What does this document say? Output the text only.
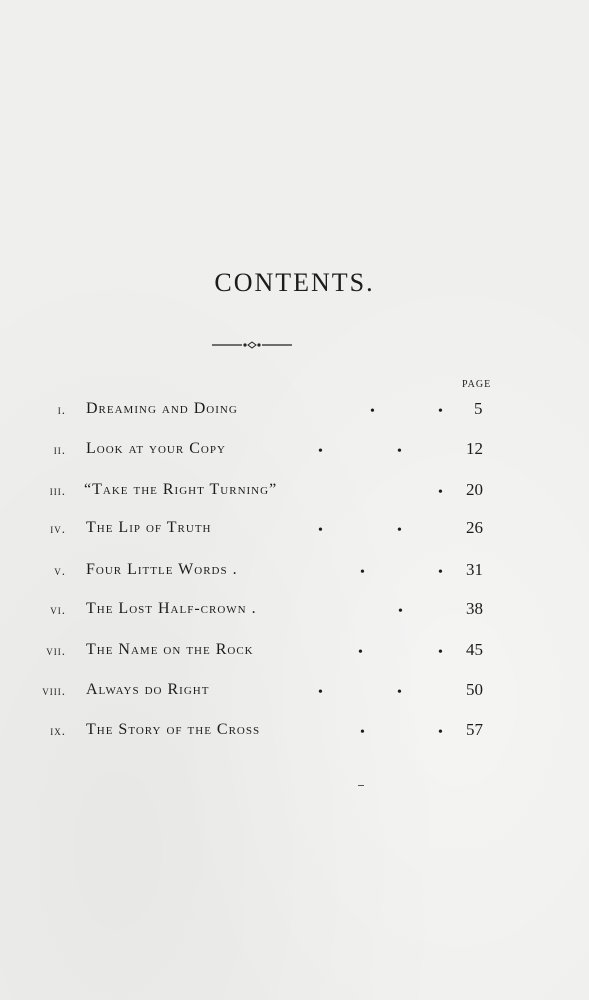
CONTENTS.
PAGE
i. Dreaming and Doing	•	• 5
ii. Look at your Copy	•	•	12
iii. “Take the Right Turning”	• 20
iv. The Lip of Truth	•	•	26
v. Four Little Words .	•	• 31
vi. The Lost Half-crown .	•	38
vii. The Name on the Rock	•	• 45
viii. Always do Right	•	•	50
ix. The Story of the Cross	•	• 57
